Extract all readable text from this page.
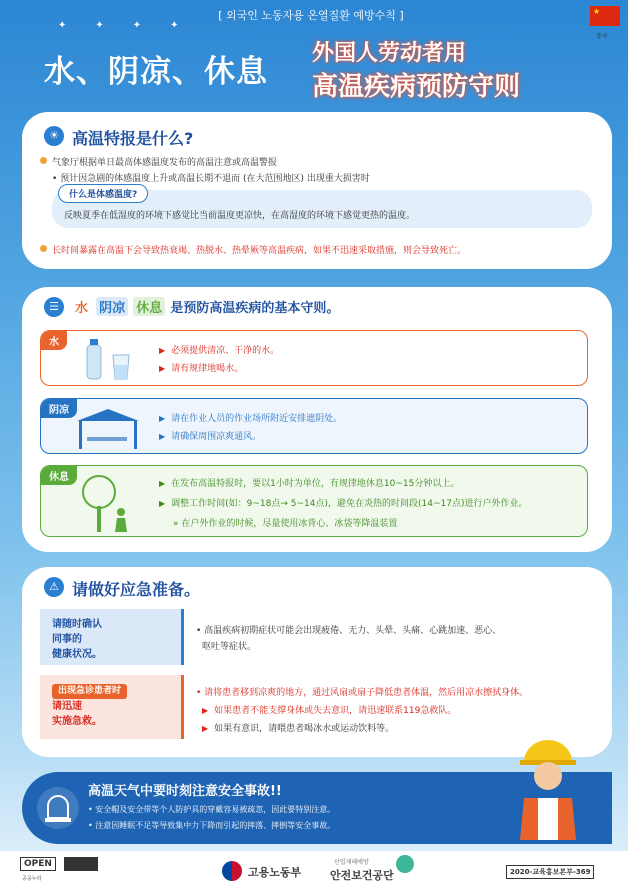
✦✦✦✦
[ 외국인 노동자용 온열질환 예방수칙 ]
★
중국
水、阴凉、休息
外国人劳动者用
高温疾病预防守则
☀ 高温特报是什么?
气象厅根据单日最高体感温度发布的高温注意或高温警报
• 预计因急剧的体感温度上升或高温长期不退而 (在大范围地区) 出现重大损害时
什么是体感温度?
反映夏季在低湿度的环境下感觉比当前温度更凉快，在高湿度的环境下感觉更热的温度。
长时间暴露在高温下会导致热衰竭、热脱水、热晕厥等高温疾病，如果不迅速采取措施，则会导致死亡。
☰	水 阴凉 休息 是预防高温疾病的基本守则。
水
▶ 必须提供清凉、干净的水。
▶ 请有规律地喝水。
阴凉
▶ 请在作业人员的作业场所附近安排遮阴处。
▶ 请确保周围凉爽通风。
休息
▶ 在发布高温特报时，要以1小时为单位，有规律地休息10~15分钟以上。
▶ 调整工作时间(如：9~18点→ 5~14点)，避免在炎热的时间段(14~17点)进行户外作业。
» 在户外作业的时候，尽量使用冰背心、冰袋等降温装置
⚠ 请做好应急准备。
请随时确认
同事的
健康状况。
• 高温疾病初期症状可能会出现疲倦、无力、头晕、头痛、心跳加速、恶心、
呕吐等症状。
出现急诊患者时
请迅速
实施急救。
• 请将患者移到凉爽的地方，通过风扇或扇子降低患者体温，然后用凉水擦拭身体。
▶ 如果患者不能支撑身体或失去意识，请迅速联系119急救队。
▶ 如果有意识，请喂患者喝冰水或运动饮料等。
高温天气中要时刻注意安全事故!!
• 安全帽及安全带等个人防护具的穿戴容易被疏忽，因此要特别注意。
• 注意因睡眠不足等导致集中力下降而引起的摔落、摔倒等安全事故。
OPEN
공공누리	고용노동부
산업재해예방
안전보건공단	2020-교육홍보본부-369
